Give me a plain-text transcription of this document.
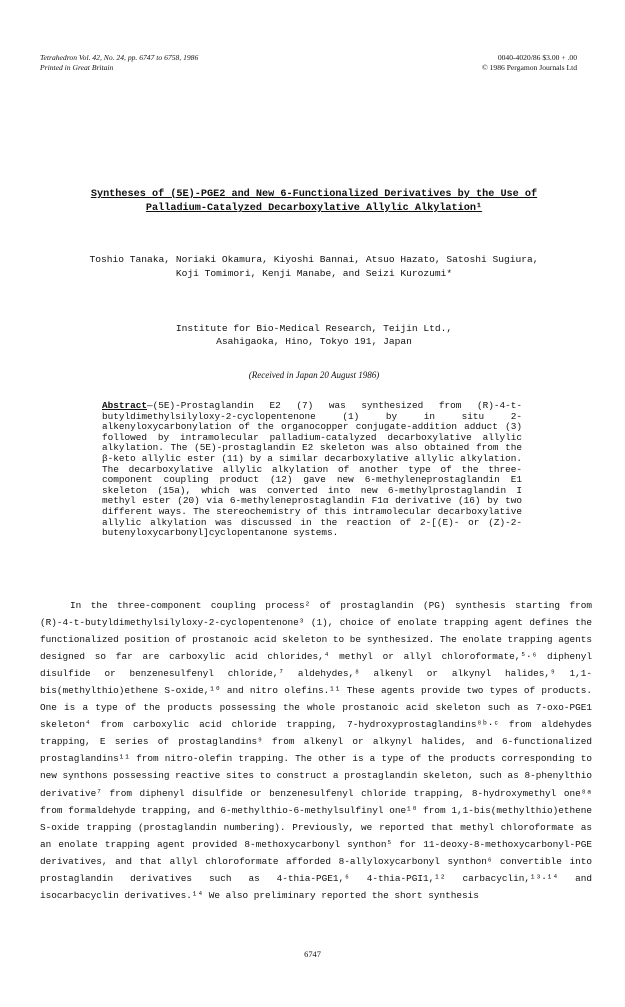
Tetrahedron Vol. 42, No. 24, pp. 6747 to 6758, 1986
Printed in Great Britain
0040-4020/86 $3.00 + .00
© 1986 Pergamon Journals Ltd
Syntheses of (5E)-PGE2 and New 6-Functionalized Derivatives by the Use of
Palladium-Catalyzed Decarboxylative Allylic Alkylation¹
Toshio Tanaka, Noriaki Okamura, Kiyoshi Bannai, Atsuo Hazato, Satoshi Sugiura,
Koji Tomimori, Kenji Manabe, and Seizi Kurozumi*
Institute for Bio-Medical Research, Teijin Ltd.,
Asahigaoka, Hino, Tokyo 191, Japan
(Received in Japan 20 August 1986)
Abstract—(5E)-Prostaglandin E2 (7) was synthesized from (R)-4-t-butyldimethylsilyloxy-2-cyclopentenone (1) by in situ 2-alkenyloxycarbonylation of the organocopper conjugate-addition adduct (3) followed by intramolecular palladium-catalyzed decarboxylative allylic alkylation. The (5E)-prostaglandin E2 skeleton was also obtained from the β-keto allylic ester (11) by a similar decarboxylative allylic alkylation. The decarboxylative allylic alkylation of another type of the three-component coupling product (12) gave new 6-methyleneprostaglandin E1 skeleton (15a), which was converted into new 6-methylprostaglandin I methyl ester (20) via 6-methyleneprostaglandin F1α derivative (16) by two different ways. The stereochemistry of this intramolecular decarboxylative allylic alkylation was discussed in the reaction of 2-[(E)- or (Z)-2-butenyloxycarbonyl]cyclopentanone systems.

In the three-component coupling process² of prostaglandin (PG) synthesis starting from (R)-4-t-butyldimethylsilyloxy-2-cyclopentenone³ (1), choice of enolate trapping agent defines the functionalized position of prostanoic acid skeleton to be synthesized. The enolate trapping agents designed so far are carboxylic acid chlorides,⁴ methyl or allyl chloroformate,⁵·⁶ diphenyl disulfide or benzenesulfenyl chloride,⁷ aldehydes,⁸ alkenyl or alkynyl halides,⁹ 1,1-bis(methylthio)ethene S-oxide,¹⁰ and nitro olefins.¹¹ These agents provide two types of products. One is a type of the products possessing the whole prostanoic acid skeleton such as 7-oxo-PGE1 skeleton⁴ from carboxylic acid chloride trapping, 7-hydroxyprostaglandins⁸ᵇ·ᶜ from aldehydes trapping, E series of prostaglandins⁹ from alkenyl or alkynyl halides, and 6-functionalized prostaglandins¹¹ from nitro-olefin trapping. The other is a type of the products corresponding to new synthons possessing reactive sites to construct a prostaglandin skeleton, such as 8-phenylthio derivative⁷ from diphenyl disulfide or benzenesulfenyl chloride trapping, 8-hydroxymethyl one⁸ᵃ from formaldehyde trapping, and 6-methylthio-6-methylsulfinyl one¹⁰ from 1,1-bis(methylthio)ethene S-oxide trapping (prostaglandin numbering). Previously, we reported that methyl chloroformate as an enolate trapping agent provided 8-methoxycarbonyl synthon⁵ for 11-deoxy-8-methoxycarbonyl-PGE derivatives, and that allyl chloroformate afforded 8-allyloxycarbonyl synthon⁶ convertible into prostaglandin derivatives such as 4-thia-PGE1,⁶ 4-thia-PGI1,¹² carbacyclin,¹³·¹⁴ and isocarbacyclin derivatives.¹⁴ We also preliminary reported the short synthesis

6747
